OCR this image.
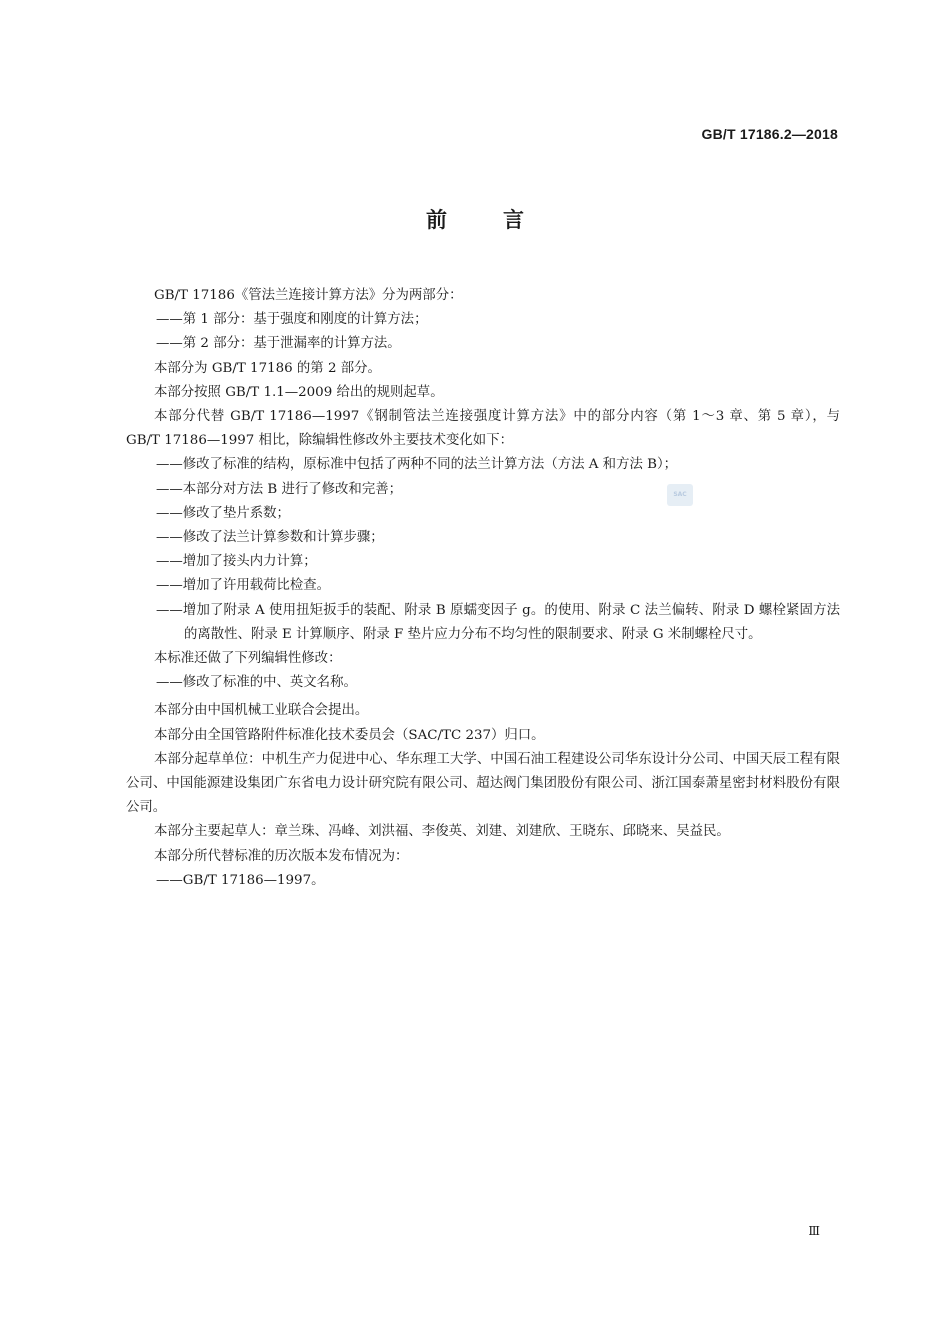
GB/T 17186.2—2018
前言
SAC

GB/T 17186《管法兰连接计算方法》分为两部分：

——第 1 部分：基于强度和刚度的计算方法；

——第 2 部分：基于泄漏率的计算方法。

本部分为 GB/T 17186 的第 2 部分。

本部分按照 GB/T 1.1—2009 给出的规则起草。

本部分代替 GB/T 17186—1997《钢制管法兰连接强度计算方法》中的部分内容（第 1～3 章、第 5 章），与 GB/T 17186—1997 相比，除编辑性修改外主要技术变化如下：

——修改了标准的结构，原标准中包括了两种不同的法兰计算方法（方法 A 和方法 B）；

——本部分对方法 B 进行了修改和完善；

——修改了垫片系数；

——修改了法兰计算参数和计算步骤；

——增加了接头内力计算；

——增加了许用载荷比检查。

——增加了附录 A 使用扭矩扳手的装配、附录 B 原蠕变因子 g。的使用、附录 C 法兰偏转、附录 D 螺栓紧固方法的离散性、附录 E 计算顺序、附录 F 垫片应力分布不均匀性的限制要求、附录 G 米制螺栓尺寸。

本标准还做了下列编辑性修改：

——修改了标准的中、英文名称。

本部分由中国机械工业联合会提出。

本部分由全国管路附件标准化技术委员会（SAC/TC 237）归口。

本部分起草单位：中机生产力促进中心、华东理工大学、中国石油工程建设公司华东设计分公司、中国天辰工程有限公司、中国能源建设集团广东省电力设计研究院有限公司、超达阀门集团股份有限公司、浙江国泰萧星密封材料股份有限公司。

本部分主要起草人：章兰珠、冯峰、刘洪福、李俊英、刘建、刘建欣、王晓东、邱晓来、吴益民。

本部分所代替标准的历次版本发布情况为：

——GB/T 17186—1997。

Ⅲ
